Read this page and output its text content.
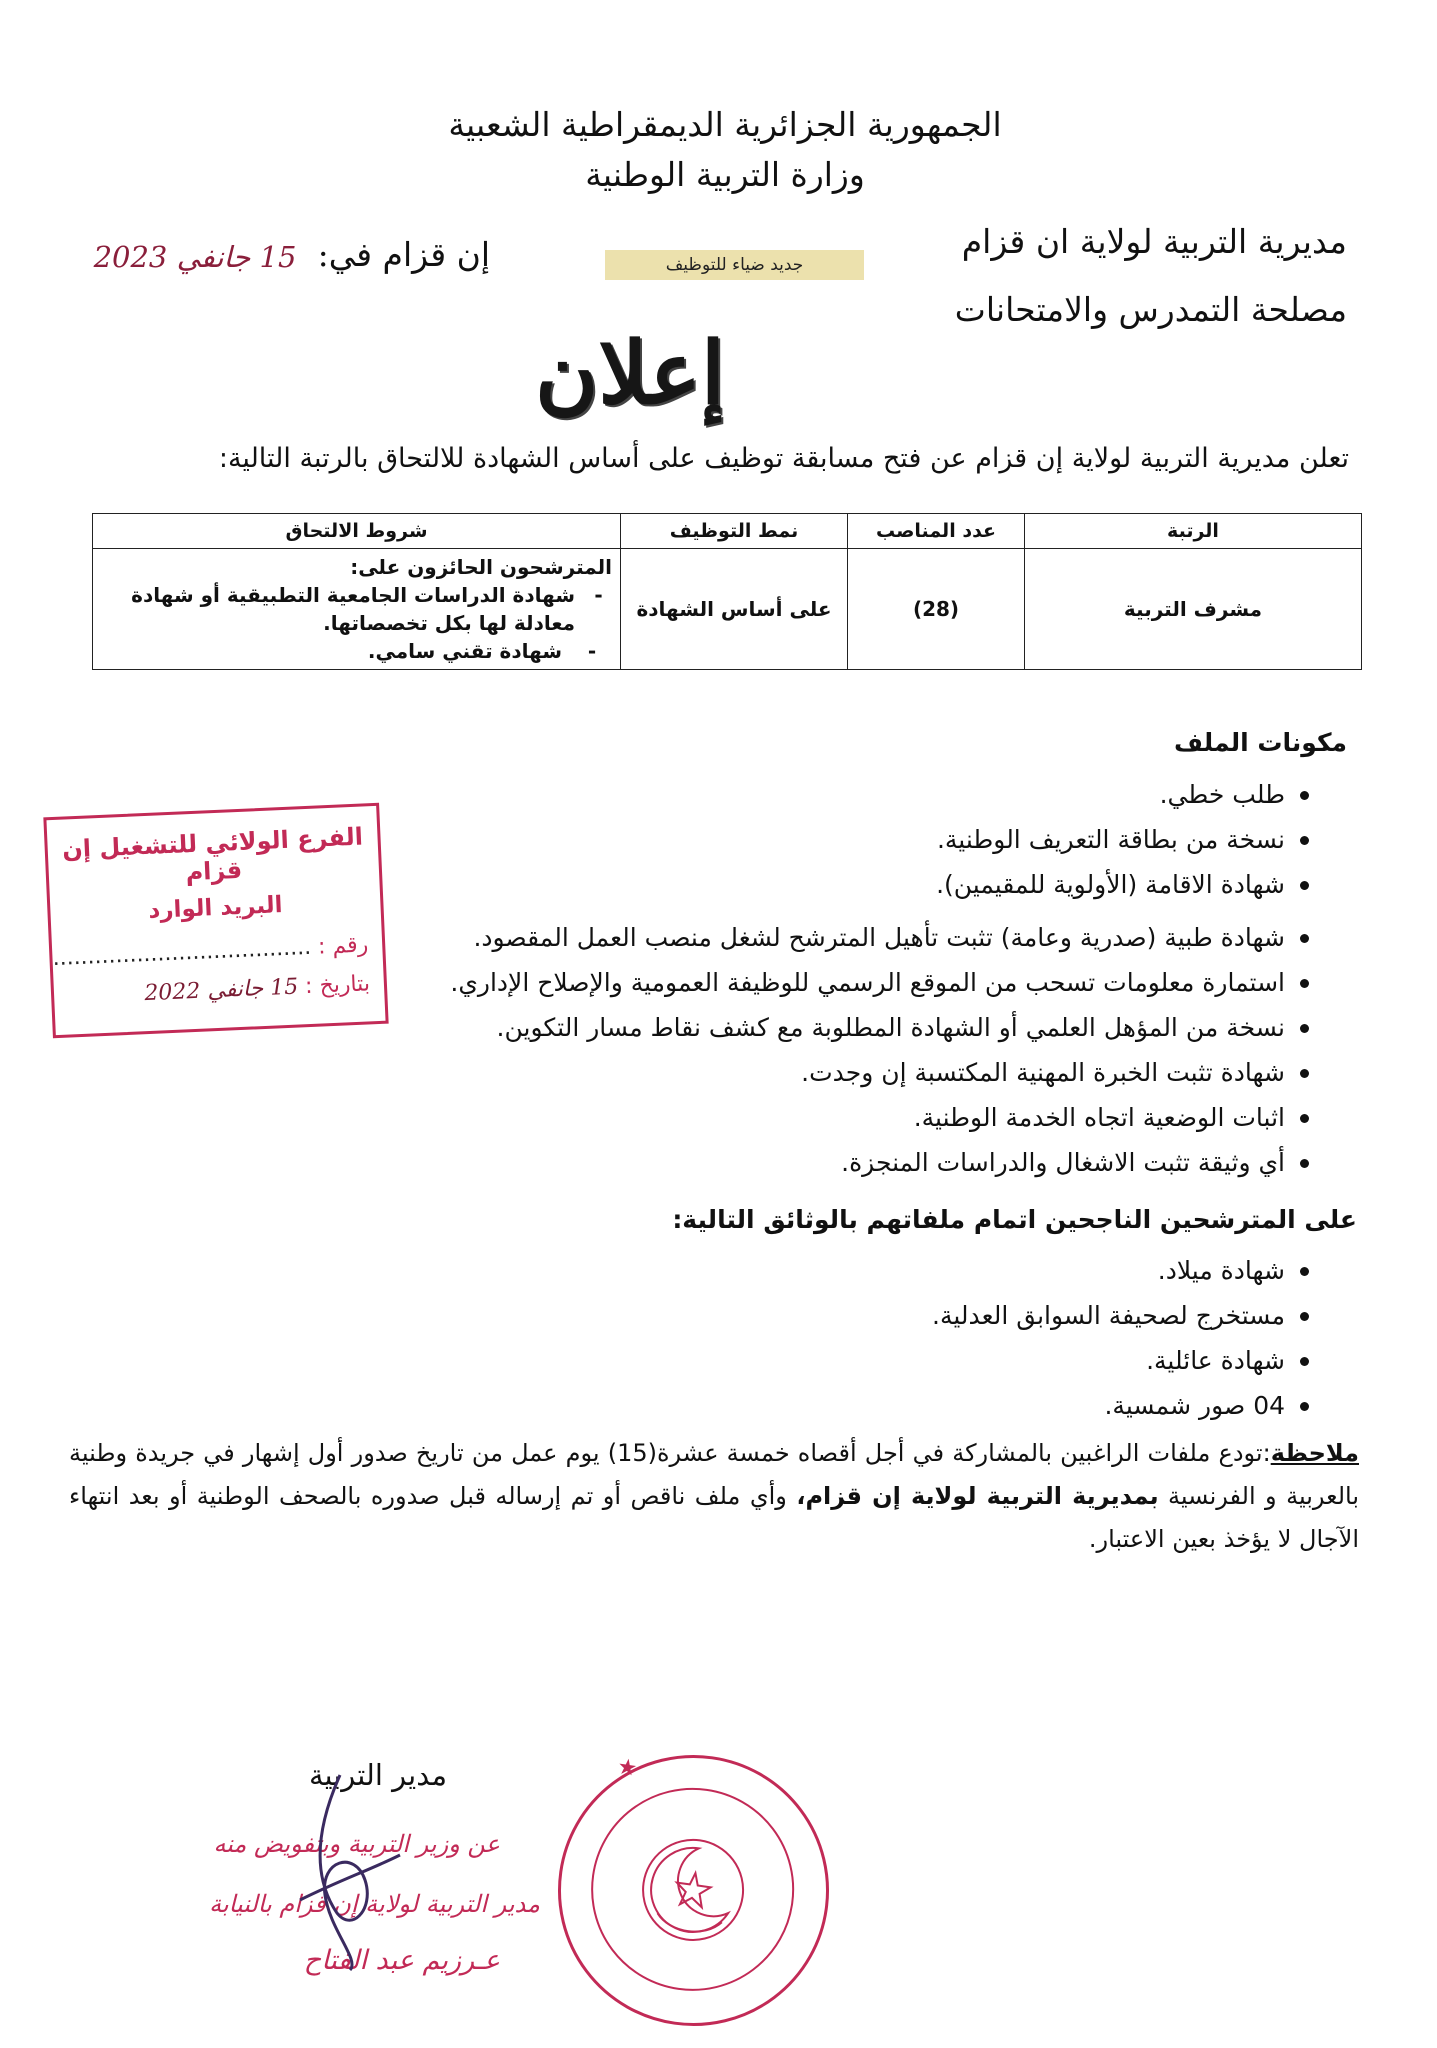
الجمهورية الجزائرية الديمقراطية الشعبية
وزارة التربية الوطنية
مديرية التربية لولاية ان قزام
مصلحة التمدرس والامتحانات
إن قزام في:
15 جانفي 2023	جديد ضياء للتوظيف
إعلان
تعلن مديرية التربية لولاية إن قزام عن فتح مسابقة توظيف على أساس الشهادة للالتحاق بالرتبة التالية:
الرتبة	عدد المناصب	نمط التوظيف	شروط الالتحاق
مشرف التربية	(28)	على أساس الشهادة	المترشحون الحائزون على:
-
شهادة الدراسات الجامعية التطبيقية أو شهادة معادلة لها بكل تخصصاتها.
-
شهادة تقني سامي.
مكونات الملف
طلب خطي.
نسخة من بطاقة التعريف الوطنية.
شهادة الاقامة (الأولوية للمقيمين).
شهادة طبية (صدرية وعامة) تثبت تأهيل المترشح لشغل منصب العمل المقصود.
استمارة معلومات تسحب من الموقع الرسمي للوظيفة العمومية والإصلاح الإداري.
نسخة من المؤهل العلمي أو الشهادة المطلوبة مع كشف نقاط مسار التكوين.
شهادة تثبت الخبرة المهنية المكتسبة إن وجدت.
اثبات الوضعية اتجاه الخدمة الوطنية.
أي وثيقة تثبت الاشغال والدراسات المنجزة.
على المترشحين الناجحين اتمام ملفاتهم بالوثائق التالية:
شهادة ميلاد.
مستخرج لصحيفة السوابق العدلية.
شهادة عائلية.
04 صور شمسية.
ملاحظة:تودع ملفات الراغبين بالمشاركة في أجل أقصاه خمسة عشرة(15) يوم عمل من تاريخ صدور أول إشهار في جريدة وطنية بالعربية و الفرنسية بمديرية التربية لولاية إن قزام، وأي ملف ناقص أو تم إرساله قبل صدوره بالصحف الوطنية أو بعد انتهاء الآجال لا يؤخذ بعين الاعتبار.
الفرع الولائي للتشغيل إن قزام
البريد الوارد
رقم : .....................................
بتاريخ : 15 جانفي 2022
مدير التربية
عن وزير التربية وبتفويض منه
مدير التربية لولاية إن قزام بالنيابة
عـرزيم عبد الفتاح
★
